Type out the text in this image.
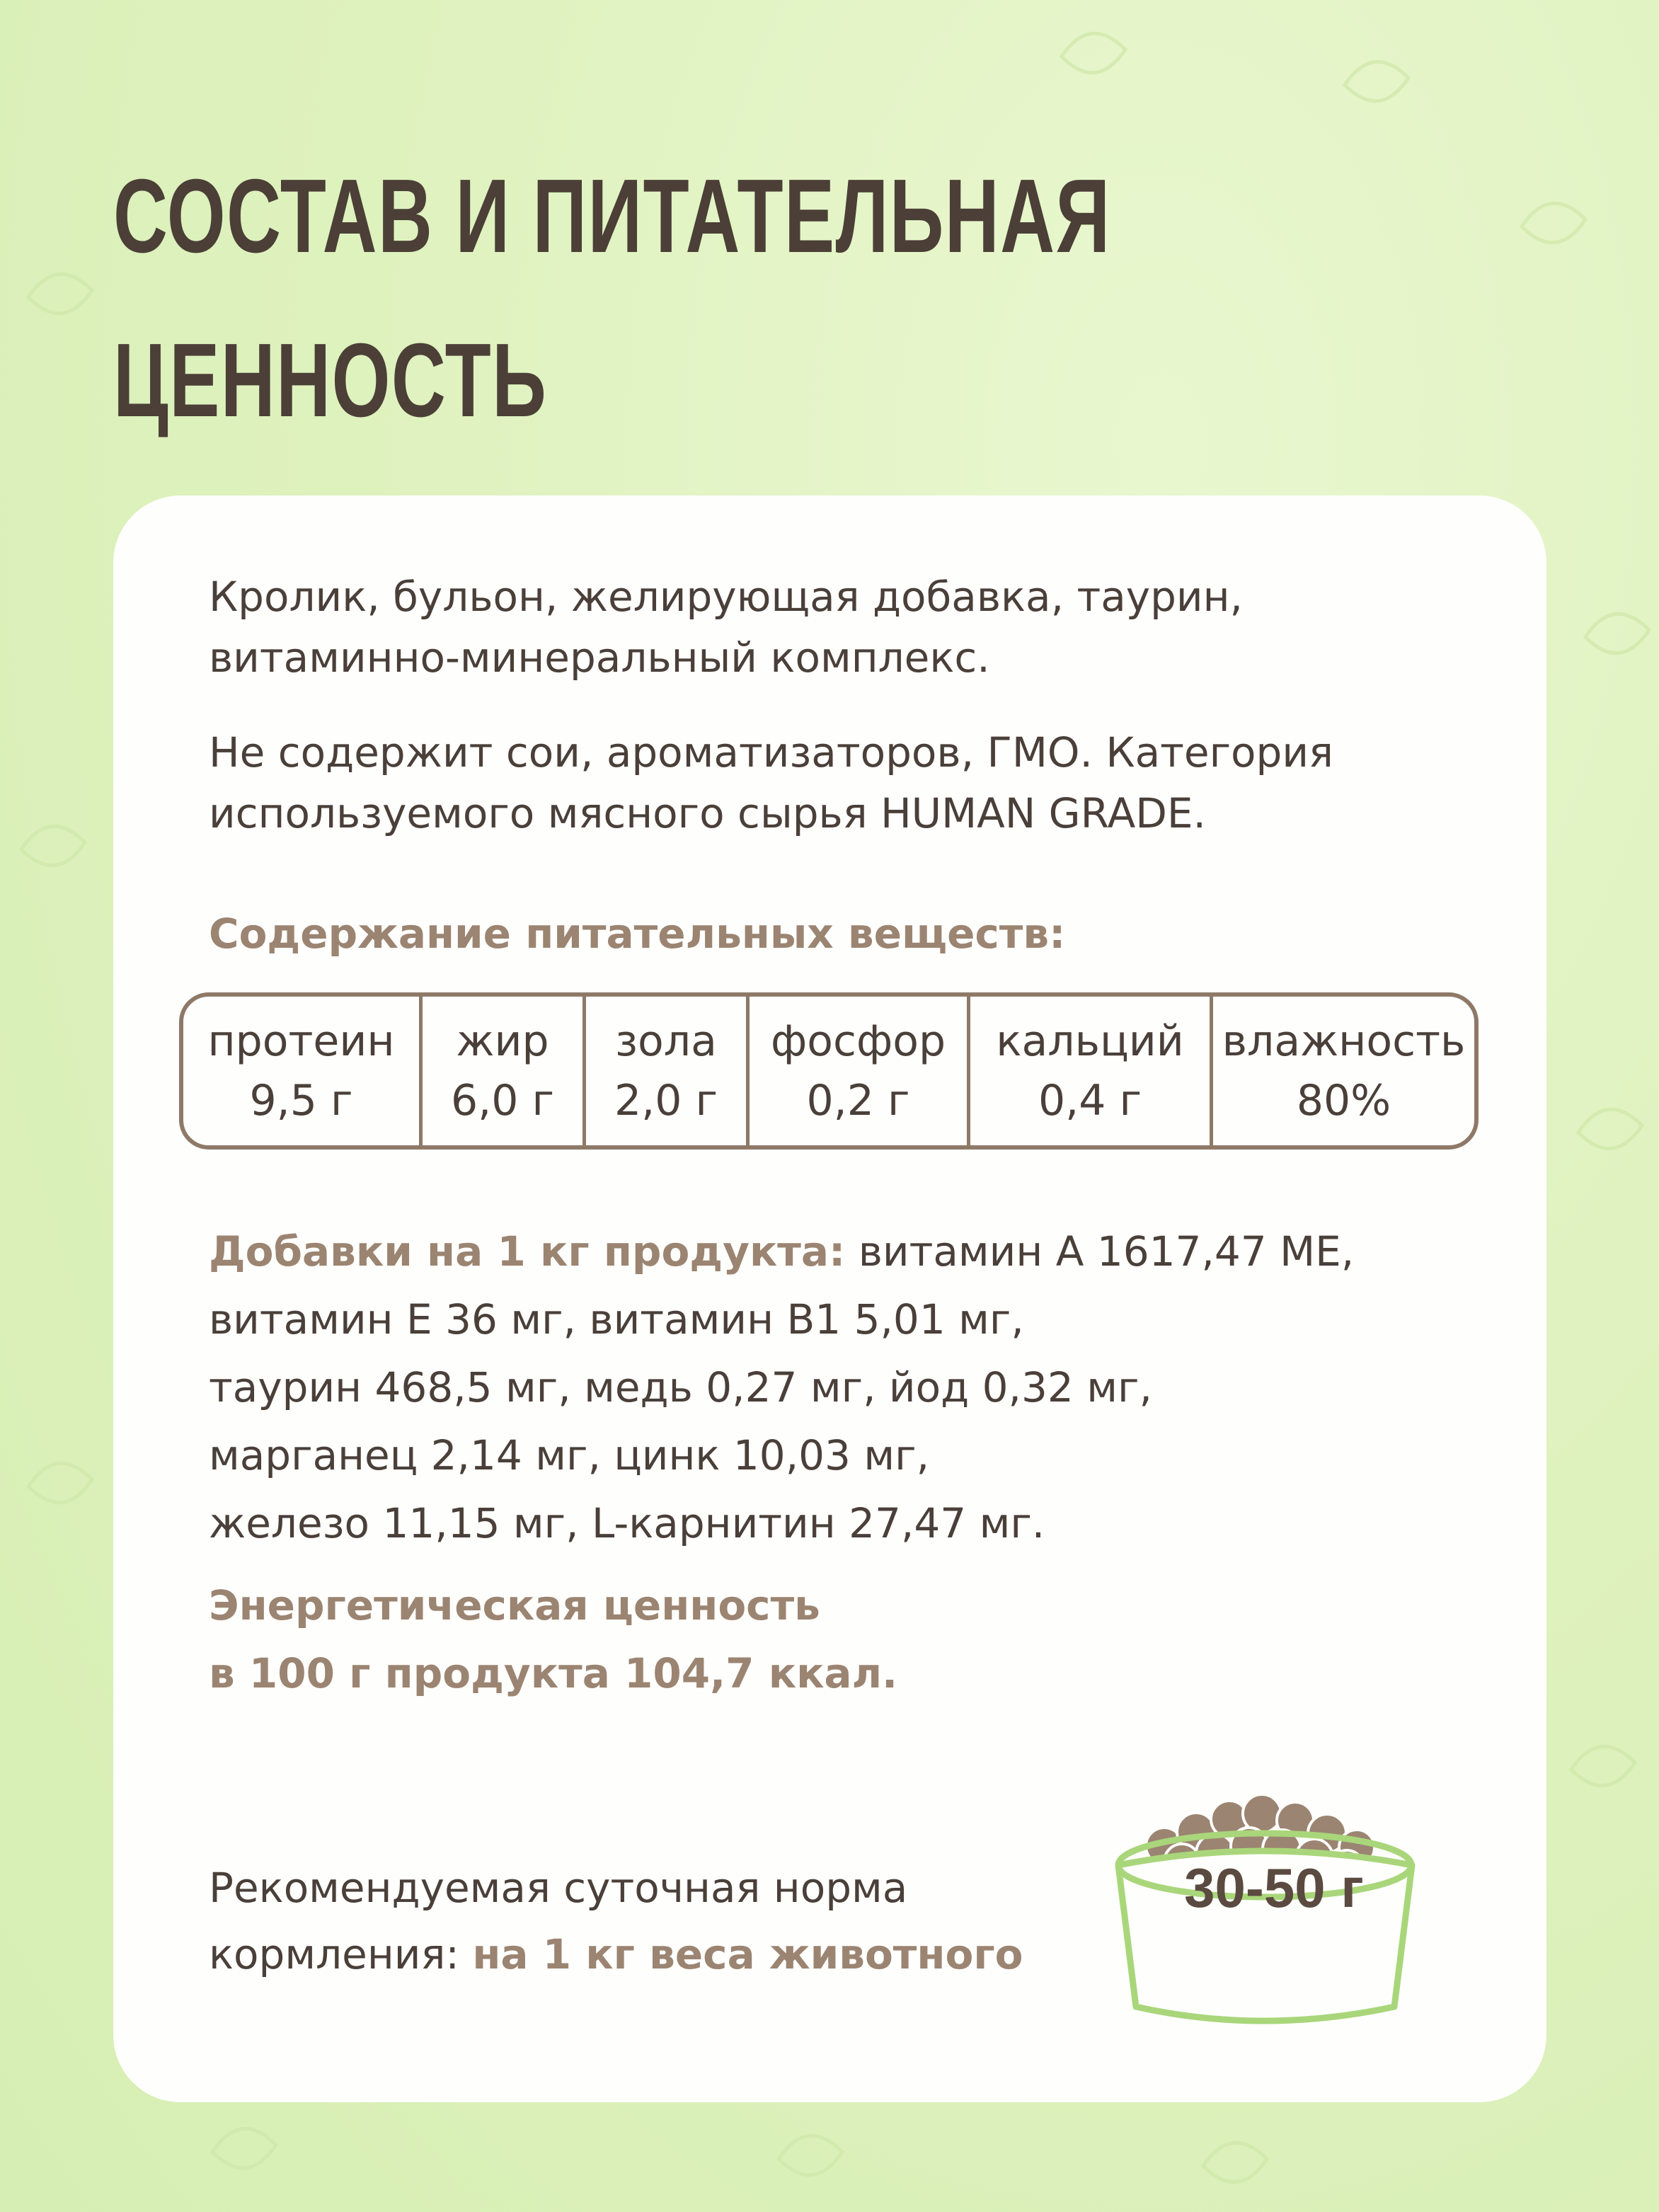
СОСТАВ И ПИТАТЕЛЬНАЯ
ЦЕННОСТЬ

Кролик, бульон, желирующая добавка, таурин,
витаминно-минеральный комплекс.

Не содержит сои, ароматизаторов, ГМО. Категория
используемого мясного сырья HUMAN GRADE.

Содержание питательных веществ:

протеин
9,5 г
жир
6,0 г
зола
2,0 г
фосфор
0,2 г
кальций
0,4 г
влажность
80%

Добавки на 1 кг продукта: витамин А 1617,47 МЕ,
витамин Е 36 мг, витамин В1 5,01 мг,
таурин 468,5 мг, медь 0,27 мг, йод 0,32 мг,
марганец 2,14 мг, цинк 10,03 мг,
железо 11,15 мг, L-карнитин 27,47 мг.

Энергетическая ценность
в 100 г продукта 104,7 ккал.

Рекомендуемая суточная норма
кормления: на 1 кг веса животного

30-50 г
